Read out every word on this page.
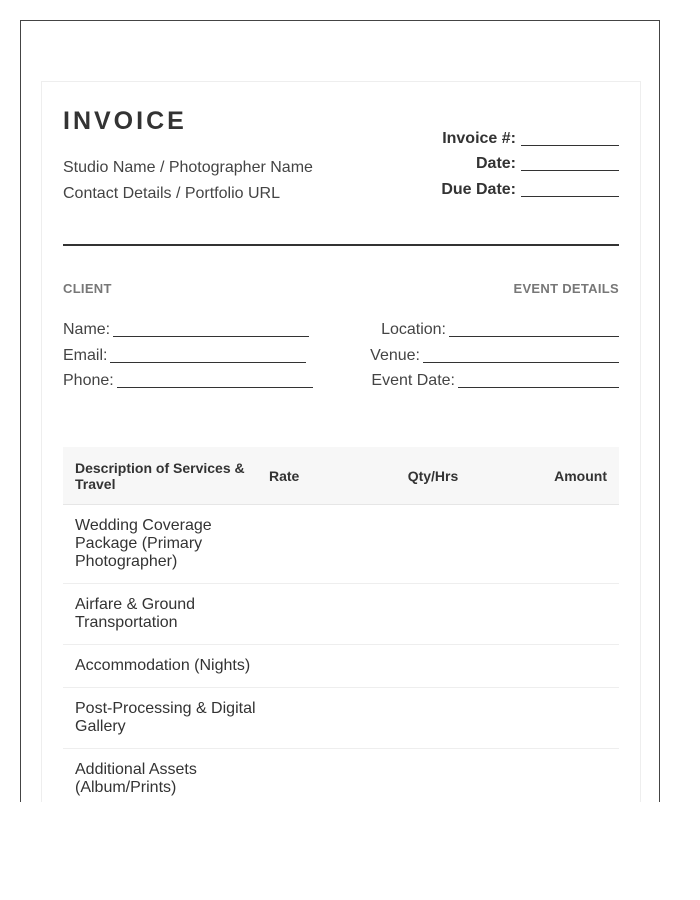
INVOICE
Studio Name / Photographer Name
Contact Details / Portfolio URL
Invoice #:
Date:
Due Date:
CLIENT	EVENT DETAILS
Name:
Email:
Phone:
Location:
Venue:
Event Date:
Description of Services & Travel	Rate	Qty/Hrs	Amount
Wedding Coverage Package (Primary Photographer)
Airfare & Ground Transportation
Accommodation (Nights)
Post-Processing & Digital Gallery
Additional Assets (Album/Prints)
